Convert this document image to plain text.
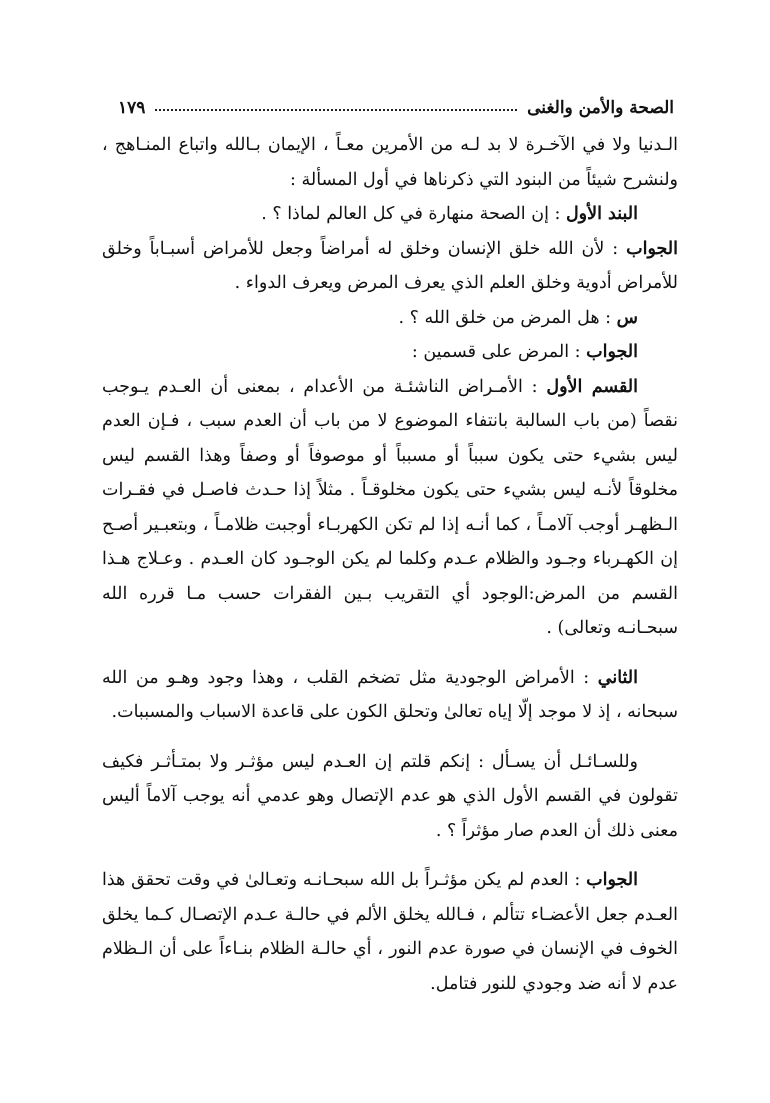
الصحة والأمن والغنى
١٧٩

الـدنيا ولا في الآخـرة لا بد لـه من الأمرين معـاً ، الإيمان بـالله واتباع المنـاهج ، ولنشرح شيئاً من البنود التي ذكرناها في أول المسألة :

البند الأول : إن الصحة منهارة في كل العالم لماذا ؟ .

الجواب : لأن الله خلق الإنسان وخلق له أمراضاً وجعل للأمراض أسبـاباً وخلق للأمراض أدوية وخلق العلم الذي يعرف المرض ويعرف الدواء .

س : هل المرض من خلق الله ؟ .

الجواب : المرض على قسمين :

القسم الأول : الأمـراض الناشئـة من الأعدام ، بمعنى أن العـدم يـوجب نقصاً (من باب السالبة بانتفاء الموضوع لا من باب أن العدم سبب ، فـإن العدم ليس بشيء حتى يكون سبباً أو مسبباً أو موصوفاً أو وصفاً وهذا القسم ليس مخلوقاً لأنـه ليس بشيء حتى يكون مخلوقـاً . مثلاً إذا حـدث فاصـل في فقـرات الـظهـر أوجب آلامـاً ، كما أنـه إذا لم تكن الكهربـاء أوجبت ظلامـاً ، وبتعبـير أصـح إن الكهـرباء وجـود والظلام عـدم وكلما لم يكن الوجـود كان العـدم . وعـلاج هـذا القسم من المرض:الوجود أي التقريب بـين الفقرات حسب مـا قرره الله سبحـانـه وتعالى) .

الثاني : الأمراض الوجودية مثل تضخم القلب ، وهذا وجود وهـو من الله سبحانه ، إذ لا موجد إلّا إياه تعالىٰ وتحلق الكون على قاعدة الاسباب والمسببات.

وللسـائـل أن يسـأل : إنكم قلتم إن العـدم ليس مؤثـر ولا بمتـأثـر فكيف تقولون في القسم الأول الذي هو عدم الإتصال وهو عدمي أنه يوجب آلاماً أليس معنى ذلك أن العدم صار مؤثراً ؟ .

الجواب : العدم لم يكن مؤثـراً بل الله سبحـانـه وتعـالىٰ في وقت تحقق هذا العـدم جعل الأعضـاء تتألم ، فـالله يخلق الألم في حالـة عـدم الإتصـال كـما يخلق الخوف في الإنسان في صورة عدم النور ، أي حالـة الظلام بنـاءاً على أن الـظلام عدم لا أنه ضد وجودي للنور فتامل.
